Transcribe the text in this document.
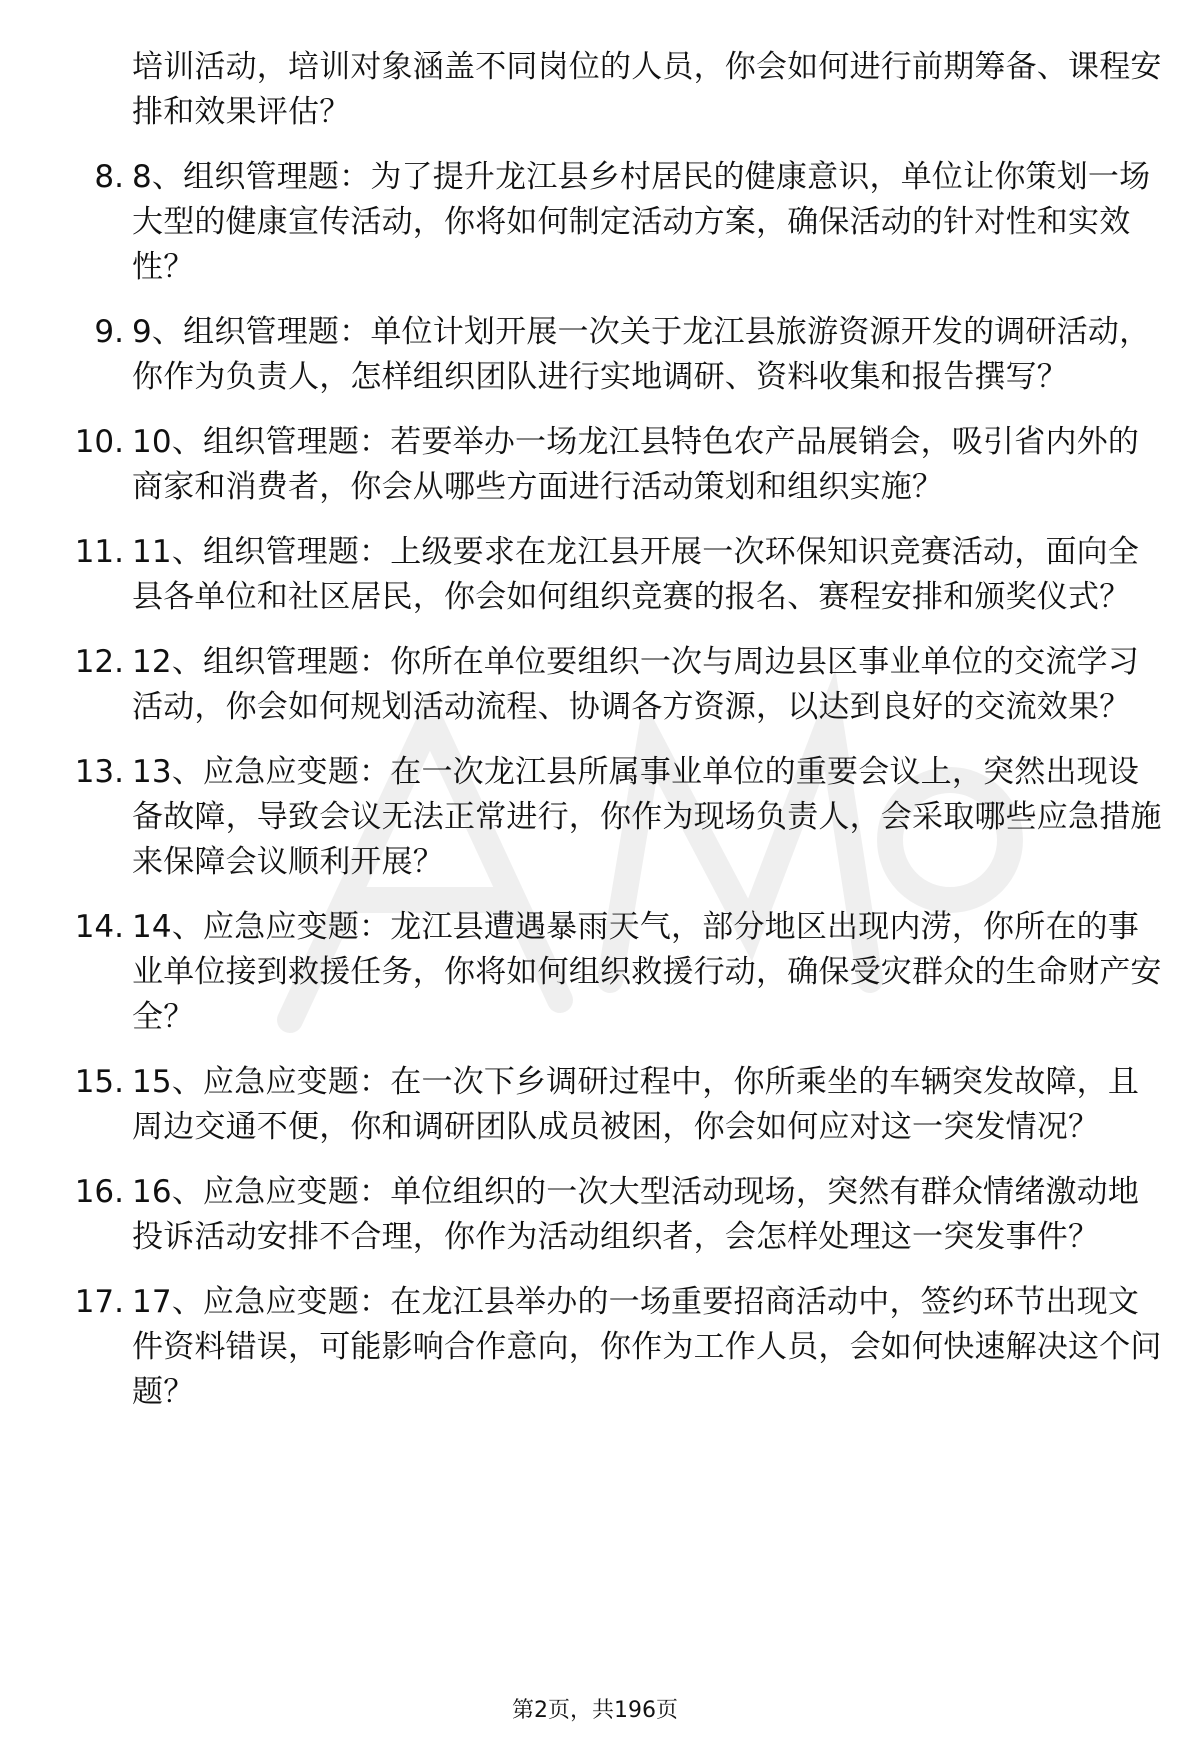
培训活动，培训对象涵盖不同岗位的人员，你会如何进行前期筹备、课程安排和效果评估？
8. 8、组织管理题：为了提升龙江县乡村居民的健康意识，单位让你策划一场大型的健康宣传活动，你将如何制定活动方案，确保活动的针对性和实效性？
9. 9、组织管理题：单位计划开展一次关于龙江县旅游资源开发的调研活动，你作为负责人，怎样组织团队进行实地调研、资料收集和报告撰写？
10. 10、组织管理题：若要举办一场龙江县特色农产品展销会，吸引省内外的商家和消费者，你会从哪些方面进行活动策划和组织实施？
11. 11、组织管理题：上级要求在龙江县开展一次环保知识竞赛活动，面向全县各单位和社区居民，你会如何组织竞赛的报名、赛程安排和颁奖仪式？
12. 12、组织管理题：你所在单位要组织一次与周边县区事业单位的交流学习活动，你会如何规划活动流程、协调各方资源，以达到良好的交流效果？
13. 13、应急应变题：在一次龙江县所属事业单位的重要会议上，突然出现设备故障，导致会议无法正常进行，你作为现场负责人，会采取哪些应急措施来保障会议顺利开展？
14. 14、应急应变题：龙江县遭遇暴雨天气，部分地区出现内涝，你所在的事业单位接到救援任务，你将如何组织救援行动，确保受灾群众的生命财产安全？
15. 15、应急应变题：在一次下乡调研过程中，你所乘坐的车辆突发故障，且周边交通不便，你和调研团队成员被困，你会如何应对这一突发情况？
16. 16、应急应变题：单位组织的一次大型活动现场，突然有群众情绪激动地投诉活动安排不合理，你作为活动组织者，会怎样处理这一突发事件？
17. 17、应急应变题：在龙江县举办的一场重要招商活动中，签约环节出现文件资料错误，可能影响合作意向，你作为工作人员，会如何快速解决这个问题？
第2页，共196页
